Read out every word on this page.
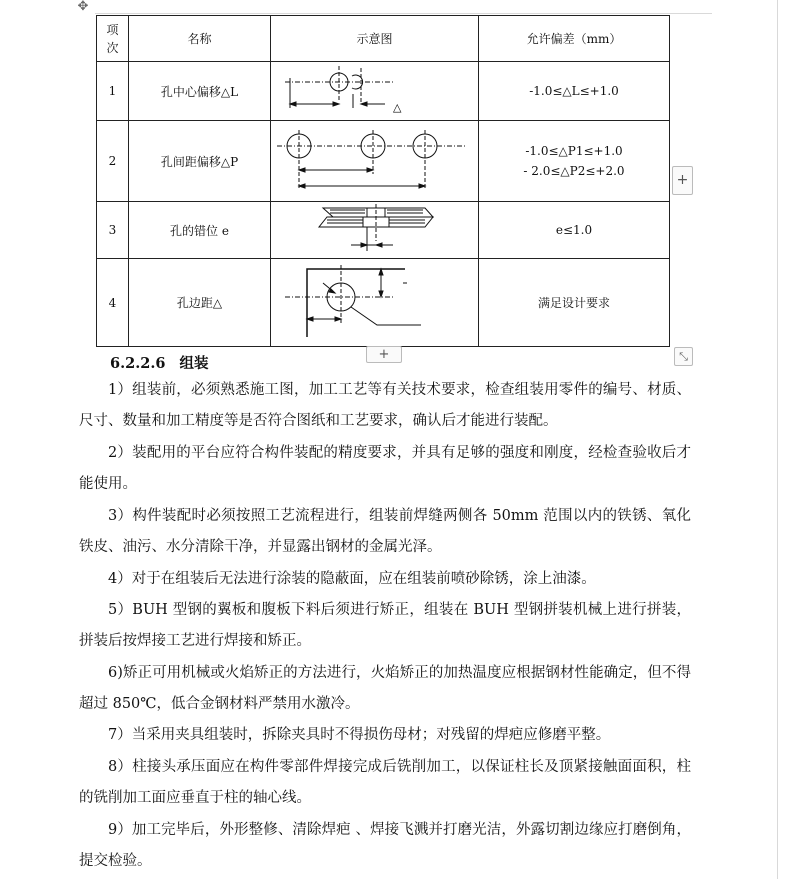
✥
项次	名称	示意图	允许偏差（mm）
1	孔中心偏移△L	△	-1.0≤△L≤+1.0
2	孔间距偏移△P		-1.0≤△P1≤+1.0
- 2.0≤△P2≤+2.0

3	孔的错位 e		e≤1.0
4	孔边距△		满足设计要求
+
+	⤡
6.2.2.6 组装

1）组装前，必须熟悉施工图，加工工艺等有关技术要求，检查组装用零件的编号、材质、尺寸、数量和加工精度等是否符合图纸和工艺要求，确认后才能进行装配。

2）装配用的平台应符合构件装配的精度要求，并具有足够的强度和刚度，经检查验收后才能使用。

3）构件装配时必须按照工艺流程进行，组装前焊缝两侧各 50mm 范围以内的铁锈、氧化铁皮、油污、水分清除干净，并显露出钢材的金属光泽。

4）对于在组装后无法进行涂装的隐蔽面，应在组装前喷砂除锈，涂上油漆。

5）BUH 型钢的翼板和腹板下料后须进行矫正，组装在 BUH 型钢拼装机械上进行拼装，拼装后按焊接工艺进行焊接和矫正。

6)矫正可用机械或火焰矫正的方法进行，火焰矫正的加热温度应根据钢材性能确定，但不得超过 850℃，低合金钢材料严禁用水激冷。

7）当采用夹具组装时，拆除夹具时不得损伤母材；对残留的焊疤应修磨平整。

8）柱接头承压面应在构件零部件焊接完成后铣削加工，以保证柱长及顶紧接触面面积，柱的铣削加工面应垂直于柱的轴心线。

9）加工完毕后，外形整修、清除焊疤 、焊接飞溅并打磨光洁，外露切割边缘应打磨倒角，提交检验。
